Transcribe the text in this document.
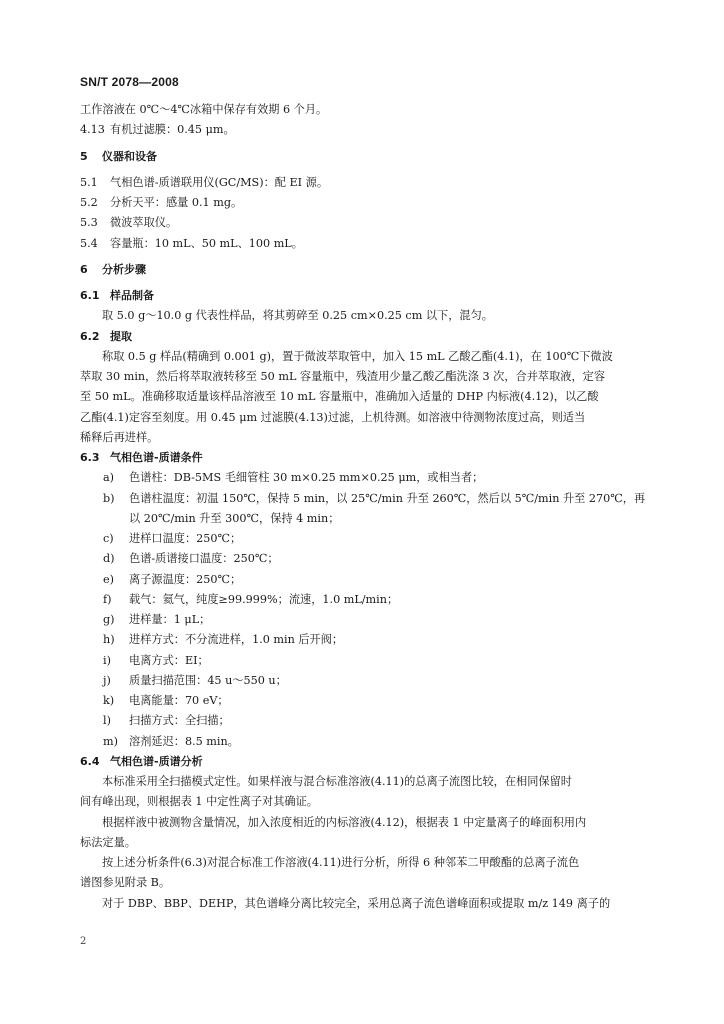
SN/T 2078—2008
工作溶液在 0℃～4℃冰箱中保存有效期 6 个月。
4.13 有机过滤膜：0.45 μm。
5 仪器和设备
5.1 气相色谱-质谱联用仪(GC/MS)：配 EI 源。
5.2 分析天平：感量 0.1 mg。
5.3 微波萃取仪。
5.4 容量瓶：10 mL、50 mL、100 mL。
6 分析步骤
6.1 样品制备
取 5.0 g～10.0 g 代表性样品，将其剪碎至 0.25 cm×0.25 cm 以下，混匀。
6.2 提取
称取 0.5 g 样品(精确到 0.001 g)，置于微波萃取管中，加入 15 mL 乙酸乙酯(4.1)，在 100℃下微波
萃取 30 min，然后将萃取液转移至 50 mL 容量瓶中，残渣用少量乙酸乙酯洗涤 3 次，合并萃取液，定容
至 50 mL。准确移取适量该样品溶液至 10 mL 容量瓶中，准确加入适量的 DHP 内标液(4.12)，以乙酸
乙酯(4.1)定容至刻度。用 0.45 μm 过滤膜(4.13)过滤，上机待测。如溶液中待测物浓度过高，则适当
稀释后再进样。
6.3 气相色谱-质谱条件
a) 色谱柱：DB-5MS 毛细管柱 30 m×0.25 mm×0.25 μm，或相当者；
b) 色谱柱温度：初温 150℃，保持 5 min，以 25℃/min 升至 260℃，然后以 5℃/min 升至 270℃，再
以 20℃/min 升至 300℃，保持 4 min；
c) 进样口温度：250℃；
d) 色谱-质谱接口温度：250℃；
e) 离子源温度：250℃；
f) 载气：氦气，纯度≥99.999%；流速，1.0 mL/min；
g) 进样量：1 μL；
h) 进样方式：不分流进样，1.0 min 后开阀；
i) 电离方式：EI；
j) 质量扫描范围：45 u～550 u；
k) 电离能量：70 eV；
l) 扫描方式：全扫描；
m) 溶剂延迟：8.5 min。
6.4 气相色谱-质谱分析
本标准采用全扫描模式定性。如果样液与混合标准溶液(4.11)的总离子流图比较，在相同保留时
间有峰出现，则根据表 1 中定性离子对其确证。
根据样液中被测物含量情况，加入浓度相近的内标溶液(4.12)，根据表 1 中定量离子的峰面积用内
标法定量。
按上述分析条件(6.3)对混合标准工作溶液(4.11)进行分析，所得 6 种邻苯二甲酸酯的总离子流色
谱图参见附录 B。
对于 DBP、BBP、DEHP，其色谱峰分离比较完全，采用总离子流色谱峰面积或提取 m/z 149 离子的
2
